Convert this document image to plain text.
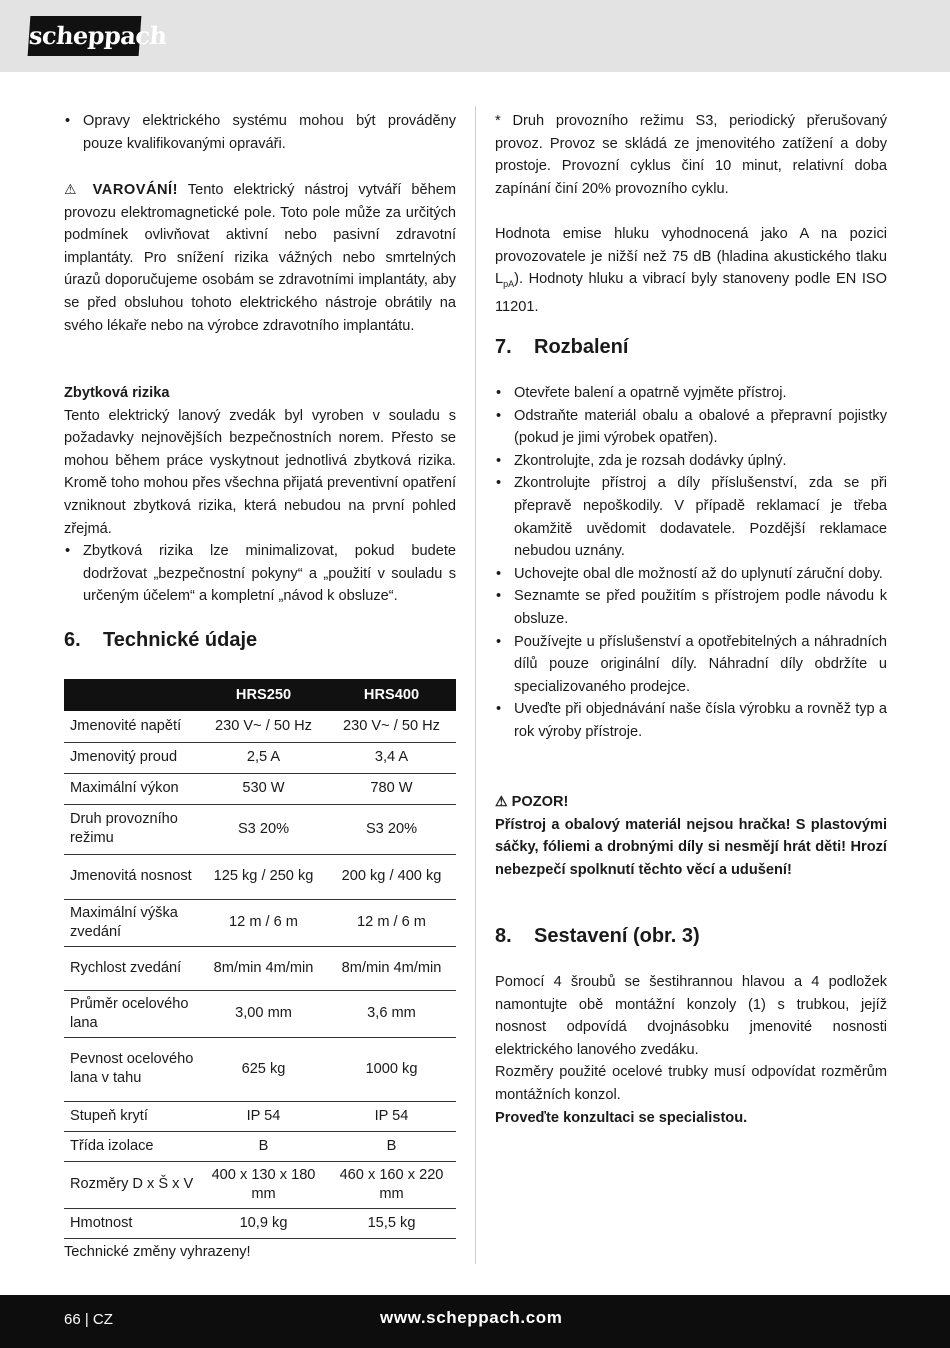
scheppach
• Opravy elektrického systému mohou být prováděny pouze kvalifikovanými opraváři.
⚠ VAROVÁNÍ! Tento elektrický nástroj vytváří během provozu elektromagnetické pole. Toto pole může za určitých podmínek ovlivňovat aktivní nebo pasivní zdravotní implantáty. Pro snížení rizika vážných nebo smrtelných úrazů doporučujeme osobám se zdravotními implantáty, aby se před obsluhou tohoto elektrického nástroje obrátily na svého lékaře nebo na výrobce zdravotního implantátu.
Zbytková rizika
Tento elektrický lanový zvedák byl vyroben v souladu s požadavky nejnovějších bezpečnostních norem. Přesto se mohou během práce vyskytnout jednotlivá zbytková rizika. Kromě toho mohou přes všechna přijatá preventivní opatření vzniknout zbytková rizika, která nebudou na první pohled zřejmá.
• Zbytková rizika lze minimalizovat, pokud budete dodržovat „bezpečnostní pokyny“ a „použití v souladu s určeným účelem“ a kompletní „návod k obsluze“.
6. Technické údaje
	HRS250	HRS400
Jmenovité napětí	230 V~ / 50 Hz	230 V~ / 50 Hz
Jmenovitý proud	2,5 A	3,4 A
Maximální výkon	530 W	780 W
Druh provozního režimu	S3 20%	S3 20%
Jmenovitá nosnost	125 kg / 250 kg	200 kg / 400 kg
Maximální výška zvedání	12 m / 6 m	12 m / 6 m
Rychlost zvedání	8m/min 4m/min	8m/min 4m/min
Průměr ocelového lana	3,00 mm	3,6 mm
Pevnost ocelového lana v tahu	625 kg	1000 kg
Stupeň krytí	IP 54	IP 54
Třída izolace	B	B
Rozměry D x Š x V	400 x 130 x 180 mm	460 x 160 x 220 mm
Hmotnost	10,9 kg	15,5 kg
Technické změny vyhrazeny!
* Druh provozního režimu S3, periodický přerušovaný provoz. Provoz se skládá ze jmenovitého zatížení a doby prostoje. Provozní cyklus činí 10 minut, relativní doba zapínání činí 20% provozního cyklu.
Hodnota emise hluku vyhodnocená jako A na pozici provozovatele je nižší než 75 dB (hladina akustického tlaku $L_{pA}$). Hodnoty hluku a vibrací byly stanoveny podle EN ISO 11201.
7. Rozbalení
• Otevřete balení a opatrně vyjměte přístroj.
• Odstraňte materiál obalu a obalové a přepravní pojistky (pokud je jimi výrobek opatřen).
• Zkontrolujte, zda je rozsah dodávky úplný.
• Zkontrolujte přístroj a díly příslušenství, zda se při přepravě nepoškodily. V případě reklamací je třeba okamžitě uvědomit dodavatele. Pozdější reklamace nebudou uznány.
• Uchovejte obal dle možností až do uplynutí záruční doby.
• Seznamte se před použitím s přístrojem podle návodu k obsluze.
• Používejte u příslušenství a opotřebitelných a náhradních dílů pouze originální díly. Náhradní díly obdržíte u specializovaného prodejce.
• Uveďte při objednávání naše čísla výrobku a rovněž typ a rok výroby přístroje.
⚠ POZOR!
Přístroj a obalový materiál nejsou hračka! S plastovými sáčky, fóliemi a drobnými díly si nesmějí hrát děti! Hrozí nebezpečí spolknutí těchto věcí a udušení!
8. Sestavení (obr. 3)
Pomocí 4 šroubů se šestihrannou hlavou a 4 podložek namontujte obě montážní konzoly (1) s trubkou, jejíž nosnost odpovídá dvojnásobku jmenovité nosnosti elektrického lanového zvedáku.
Rozměry použité ocelové trubky musí odpovídat rozměrům montážních konzol.
Proveďte konzultaci se specialistou.
66 | CZ	www.scheppach.com
